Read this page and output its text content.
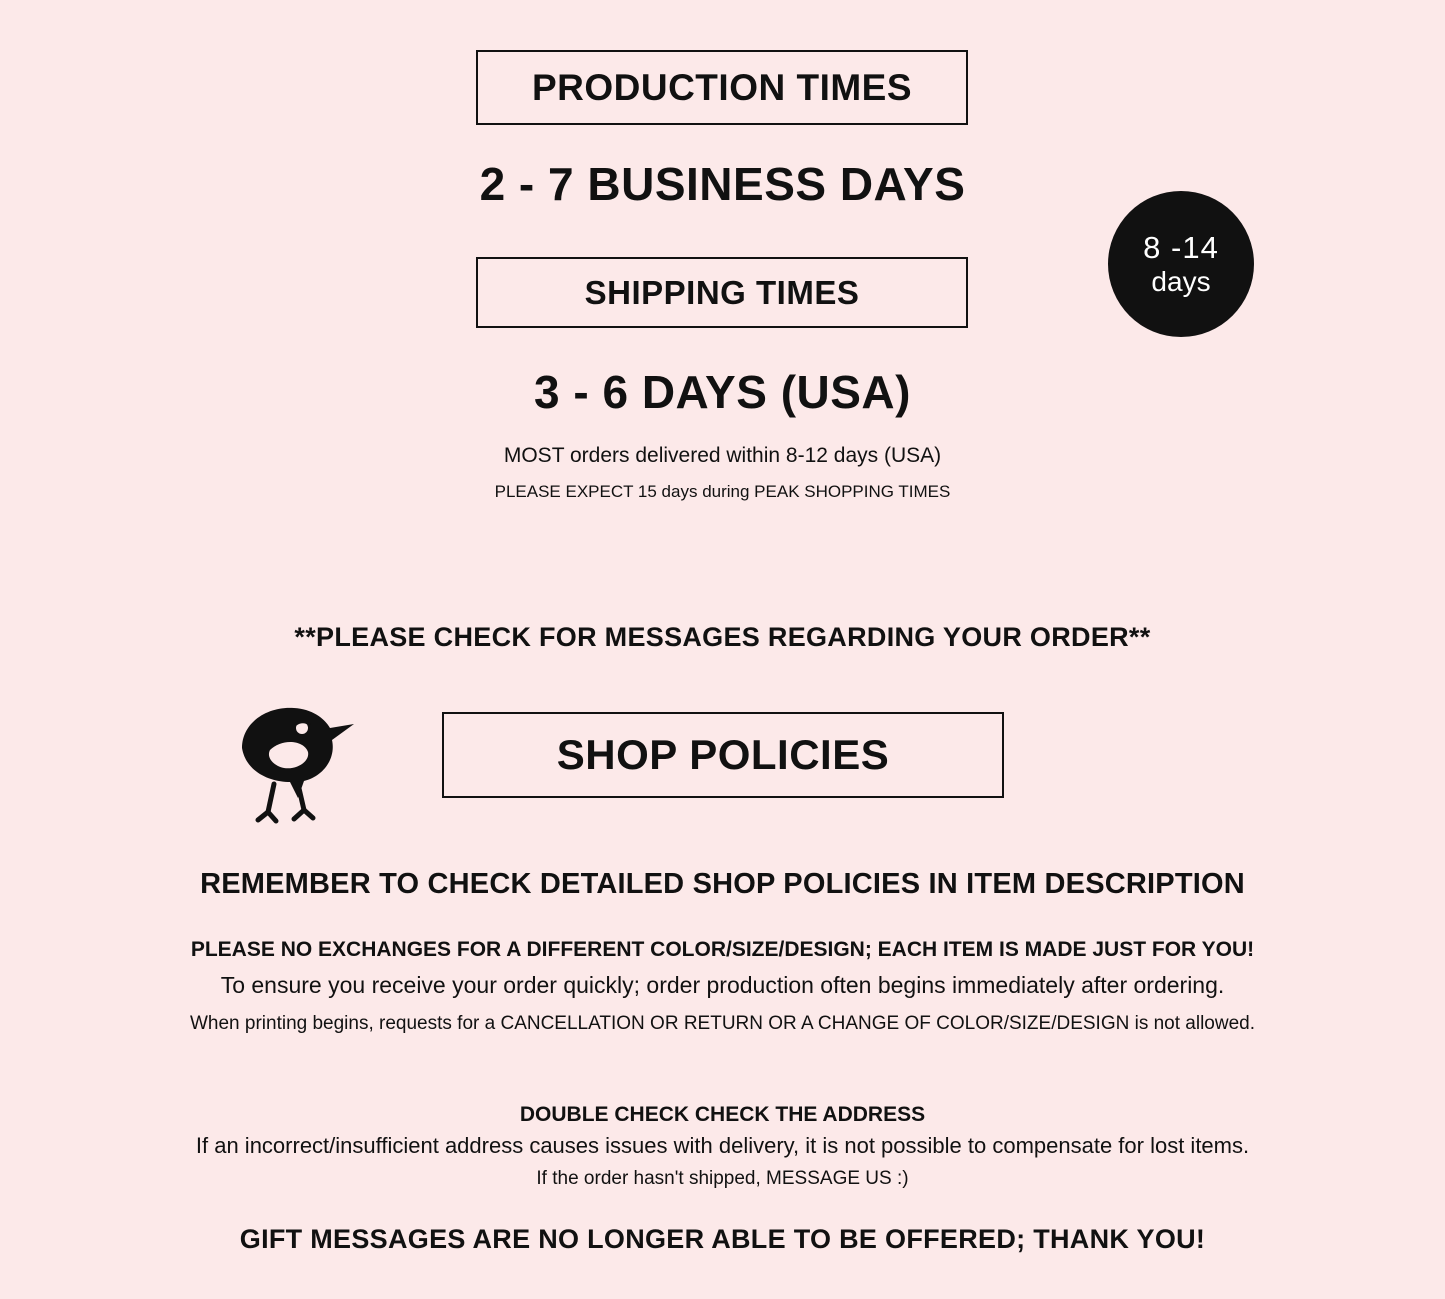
PRODUCTION TIMES
2 - 7 BUSINESS DAYS
SHIPPING TIMES
3 - 6 DAYS (USA)
MOST orders delivered within 8-12 days (USA)
PLEASE EXPECT 15 days during PEAK SHOPPING TIMES
8 -14
days
**PLEASE CHECK FOR MESSAGES REGARDING YOUR ORDER**
SHOP POLICIES
REMEMBER TO CHECK DETAILED SHOP POLICIES IN ITEM DESCRIPTION
PLEASE NO EXCHANGES FOR A DIFFERENT COLOR/SIZE/DESIGN; EACH ITEM IS MADE JUST FOR YOU!
To ensure you receive your order quickly; order production often begins immediately after ordering.
When printing begins, requests for a CANCELLATION OR RETURN OR A CHANGE OF COLOR/SIZE/DESIGN is not allowed.
DOUBLE CHECK CHECK THE ADDRESS
If an incorrect/insufficient address causes issues with delivery, it is not possible to compensate for lost items.
If the order hasn't shipped, MESSAGE US :)
GIFT MESSAGES ARE NO LONGER ABLE TO BE OFFERED; THANK YOU!
